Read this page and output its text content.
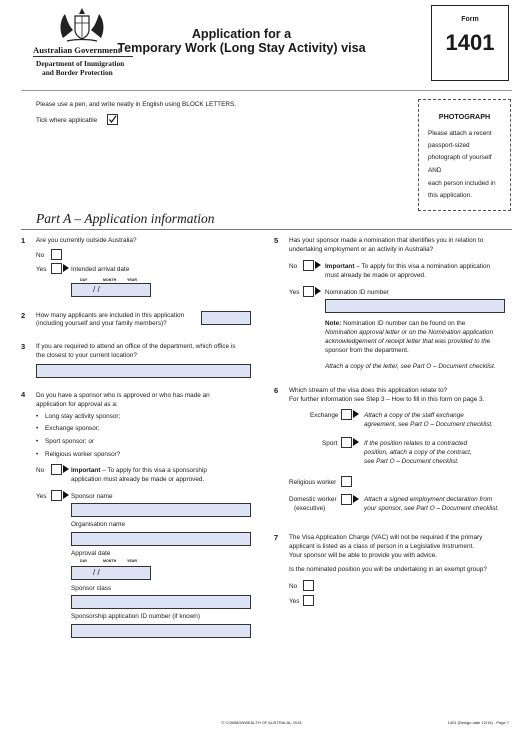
Australian Government
Department of Immigration
and Border Protection
Application for a
Temporary Work (Long Stay Activity) visa
Form
1401
Please use a pen, and write neatly in English using BLOCK LETTERS.
Tick where applicable	PHOTOGRAPH
Please attach a recent
passport-sized
photograph of yourself
AND
each person included in
this application.
Part A – Application information
1 Are you currently outside Australia?
No
Yes	Intended arrival date
DAY	MONTH	YEAR
/ /
2 How many applicants are included in this application
(including yourself and your family members)?
3 If you are required to attend an office of the department, which office is
the closest to your current location?
4 Do you have a sponsor who is approved or who has made an
application for approval as a:
• Long stay activity sponsor;
• Exchange sponsor;
• Sport sponsor; or
• Religious worker sponsor?
No	Important – To apply for this visa a sponsorship
application must already be made or approved.
Yes	Sponsor name
Organisation name
Approval date
DAY	MONTH	YEAR
/ /
Sponsor class
Sponsorship application ID number (if known)
5 Has your sponsor made a nomination that identifies you in relation to
undertaking employment or an activity in Australia?
No	Important – To apply for this visa a nomination application
must already be made or approved.
Yes	Nomination ID number
Note: Nomination ID number can be found on the
Nomination approval letter or on the Nomination application
acknowledgement of receipt letter that was provided to the
sponsor from the department.
Attach a copy of the letter, see Part O – Document checklist.
6 Which stream of the visa does this application relate to?
For further information see Step 3 – How to fill in this form on page 3.
Exchange	Attach a copy of the staff exchange
agreement, see Part O – Document checklist.
Sport	If the position relates to a contracted
position, attach a copy of the contract,
see Part O – Document checklist.
Religious worker
Domestic worker
(executive)
Attach a signed employment declaration from
your sponsor, see Part O – Document checklist.
7 The Visa Application Charge (VAC) will not be required if the primary
applicant is listed as a class of person in a Legislative Instrument.
Your sponsor will be able to provide you with advice.
Is the nominated position you will be undertaking in an exempt group?
No
Yes
© COMMONWEALTH OF AUSTRALIA, 2015	1401 (Design date 12/15) - Page 7
